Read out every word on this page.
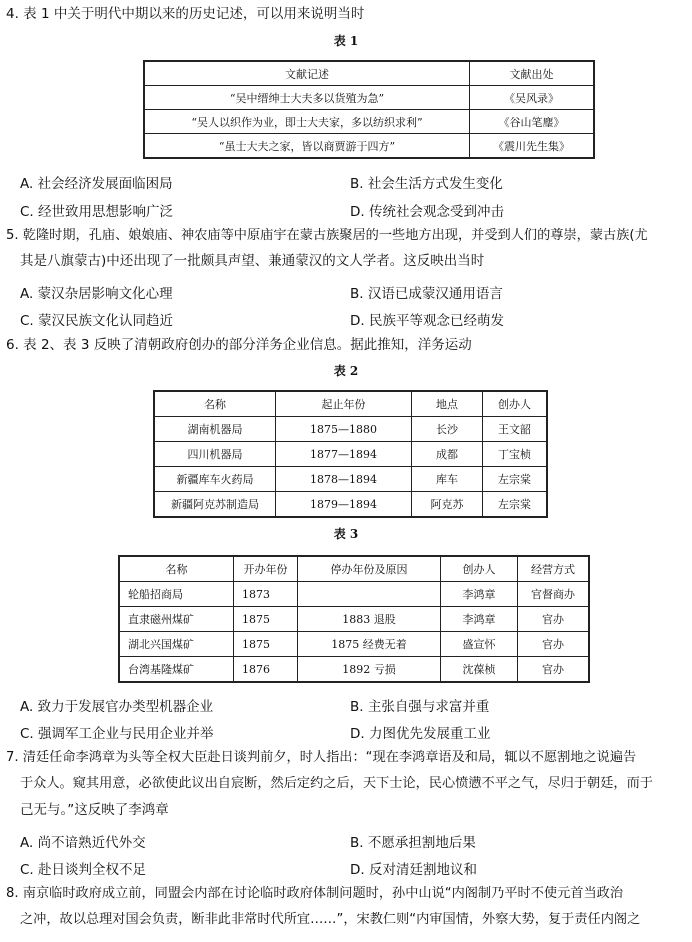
4. 表 1 中关于明代中期以来的历史记述，可以用来说明当时
表 1
文献记述	文献出处
“吴中缙绅士大夫多以货殖为急”	《吴风录》
“吴人以织作为业，即士大夫家，多以纺织求利”	《谷山笔麈》
“虽士大夫之家，皆以商贾游于四方”	《震川先生集》
A. 社会经济发展面临困局	B. 社会生活方式发生变化
C. 经世致用思想影响广泛	D. 传统社会观念受到冲击
5. 乾隆时期，孔庙、娘娘庙、神农庙等中原庙宇在蒙古族聚居的一些地方出现，并受到人们的尊崇，蒙古族(尤
其是八旗蒙古)中还出现了一批颇具声望、兼通蒙汉的文人学者。这反映出当时
A. 蒙汉杂居影响文化心理	B. 汉语已成蒙汉通用语言
C. 蒙汉民族文化认同趋近	D. 民族平等观念已经萌发
6. 表 2、表 3 反映了清朝政府创办的部分洋务企业信息。据此推知，洋务运动
表 2
名称	起止年份	地点	创办人
湖南机器局	1875—1880	长沙	王文韶
四川机器局	1877—1894	成都	丁宝桢
新疆库车火药局	1878—1894	库车	左宗棠
新疆阿克苏制造局	1879—1894	阿克苏	左宗棠
表 3
名称	开办年份	停办年份及原因	创办人	经营方式
轮船招商局	1873		李鸿章	官督商办
直隶磁州煤矿	1875	1883 退股	李鸿章	官办
湖北兴国煤矿	1875	1875 经费无着	盛宣怀	官办
台湾基隆煤矿	1876	1892 亏损	沈葆桢	官办
A. 致力于发展官办类型机器企业	B. 主张自强与求富并重
C. 强调军工企业与民用企业并举	D. 力图优先发展重工业
7. 清廷任命李鸿章为头等全权大臣赴日谈判前夕，时人指出：“现在李鸿章语及和局，辄以不愿割地之说遍告
于众人。窥其用意，必欲使此议出自宸断，然后定约之后，天下士论，民心愤懑不平之气，尽归于朝廷，而于
己无与。”这反映了李鸿章
A. 尚不谙熟近代外交	B. 不愿承担割地后果
C. 赴日谈判全权不足	D. 反对清廷割地议和
8. 南京临时政府成立前，同盟会内部在讨论临时政府体制问题时，孙中山说“内阁制乃平时不使元首当政治
之冲，故以总理对国会负责，断非此非常时代所宜……”，宋教仁则“内审国情，外察大势，复于责任内阁之
